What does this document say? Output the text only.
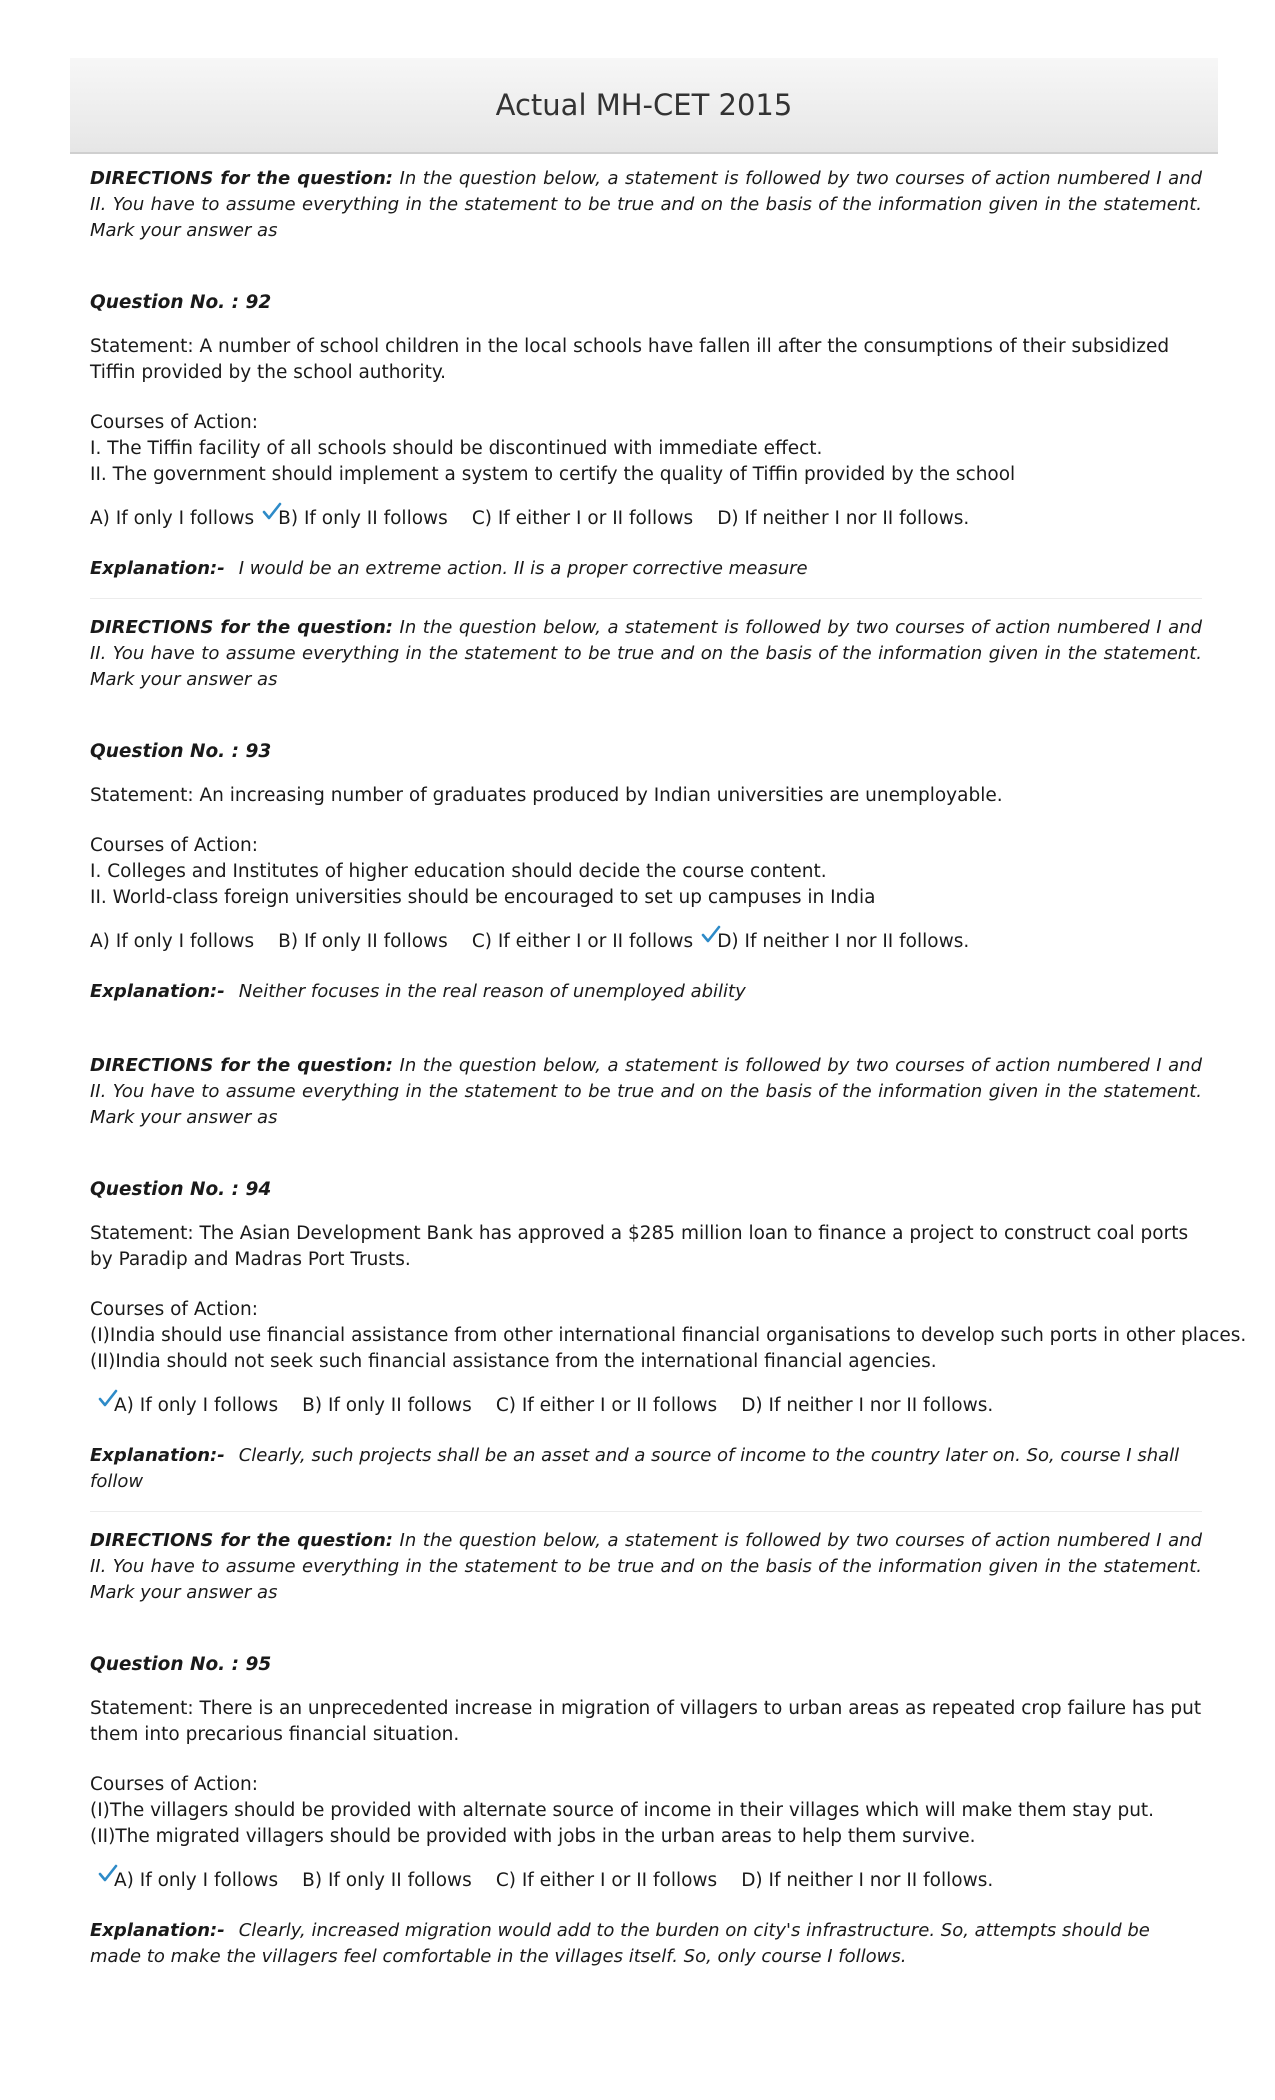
Actual MH-CET 2015

DIRECTIONS for the question: In the question below, a statement is followed by two courses of action numbered I and II. You have to assume everything in the statement to be true and on the basis of the information given in the statement. Mark your answer as

Question No. : 92

Statement: A number of school children in the local schools have fallen ill after the consumptions of their subsidized Tiffin provided by the school authority.

Courses of Action:
I. The Tiffin facility of all schools should be discontinued with immediate effect.
II. The government should implement a system to certify the quality of Tiffin provided by the school
A) If only I follows B) If only II follows C) If either I or II follows D) If neither I nor II follows.

Explanation:- I would be an extreme action. II is a proper corrective measure

DIRECTIONS for the question: In the question below, a statement is followed by two courses of action numbered I and II. You have to assume everything in the statement to be true and on the basis of the information given in the statement. Mark your answer as

Question No. : 93

Statement: An increasing number of graduates produced by Indian universities are unemployable.

Courses of Action:
I. Colleges and Institutes of higher education should decide the course content.
II. World-class foreign universities should be encouraged to set up campuses in India
A) If only I follows B) If only II follows C) If either I or II follows D) If neither I nor II follows.

Explanation:- Neither focuses in the real reason of unemployed ability

DIRECTIONS for the question: In the question below, a statement is followed by two courses of action numbered I and II. You have to assume everything in the statement to be true and on the basis of the information given in the statement. Mark your answer as

Question No. : 94

Statement: The Asian Development Bank has approved a $285 million loan to finance a project to construct coal ports by Paradip and Madras Port Trusts.

Courses of Action:
(I)India should use financial assistance from other international financial organisations to develop such ports in other places.
(II)India should not seek such financial assistance from the international financial agencies.
A) If only I follows B) If only II follows C) If either I or II follows D) If neither I nor II follows.

Explanation:- Clearly, such projects shall be an asset and a source of income to the country later on. So, course I shall follow

DIRECTIONS for the question: In the question below, a statement is followed by two courses of action numbered I and II. You have to assume everything in the statement to be true and on the basis of the information given in the statement. Mark your answer as

Question No. : 95

Statement: There is an unprecedented increase in migration of villagers to urban areas as repeated crop failure has put them into precarious financial situation.

Courses of Action:
(I)The villagers should be provided with alternate source of income in their villages which will make them stay put.
(II)The migrated villagers should be provided with jobs in the urban areas to help them survive.
A) If only I follows B) If only II follows C) If either I or II follows D) If neither I nor II follows.

Explanation:- Clearly, increased migration would add to the burden on city's infrastructure. So, attempts should be made to make the villagers feel comfortable in the villages itself. So, only course I follows.
